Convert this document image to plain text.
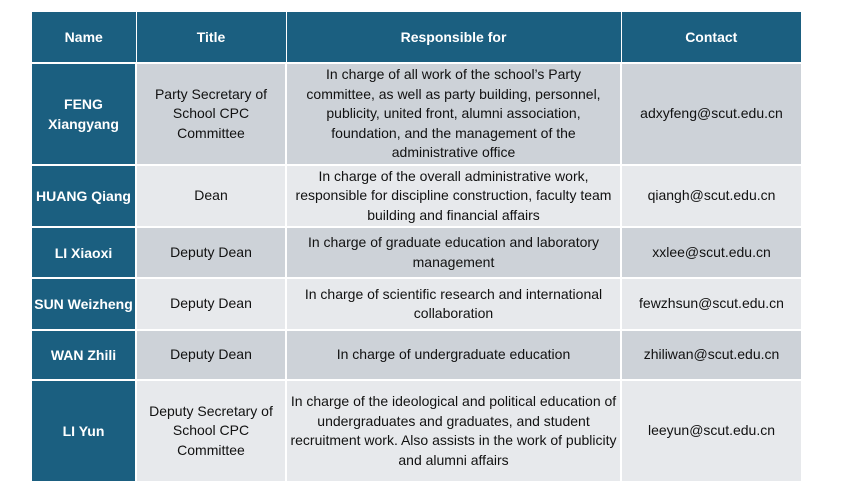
Name	Title	Responsible for	Contact
FENG Xiangyang	Party Secretary of School CPC Committee	In charge of all work of the school’s Party committee, as well as party building, personnel, publicity, united front, alumni association, foundation, and the management of the administrative office	adxyfeng@scut.edu.cn
HUANG Qiang	Dean	In charge of the overall administrative work, responsible for discipline construction, faculty team building and financial affairs	qiangh@scut.edu.cn
LI Xiaoxi	Deputy Dean	In charge of graduate education and laboratory management	xxlee@scut.edu.cn
SUN Weizheng	Deputy Dean	In charge of scientific research and international collaboration	fewzhsun@scut.edu.cn
WAN Zhili	Deputy Dean	In charge of undergraduate education	zhiliwan@scut.edu.cn
LI Yun	Deputy Secretary of School CPC Committee	In charge of the ideological and political education of undergraduates and graduates, and student recruitment work. Also assists in the work of publicity and alumni affairs	leeyun@scut.edu.cn
